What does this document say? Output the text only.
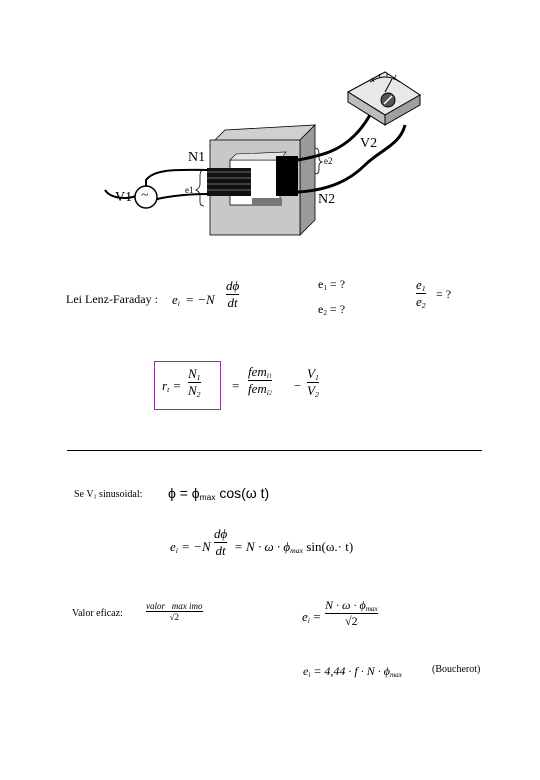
N1
N2
V1
V2
e1
e2
~
Lei Lenz-Faraday : $e_i = -N$
dϕ
dt
$e_1$ = ?
$e_2$ = ?
$e_1$
$e_2$
= ?
$r_t$ =
$N_1$
$N_2$
=
fem$_{i1}$
fem$_{i2}$
−
$V_1$
$V_2$
Se $V_1$ sinusoidal: $\phi = \phi_{max}$ cos(ω t)
$e_i = -N$
dϕ
dt = $N \cdot \omega \cdot \phi_{max}$ sin(ω.· t)
Valor eficaz:
valor   max imo
√2	$e_i$ =
$N \cdot \omega \cdot \phi_{max}$
√2
$e_i = 4,44 \cdot f \cdot N \cdot \phi_{max}$	(Boucherot)
